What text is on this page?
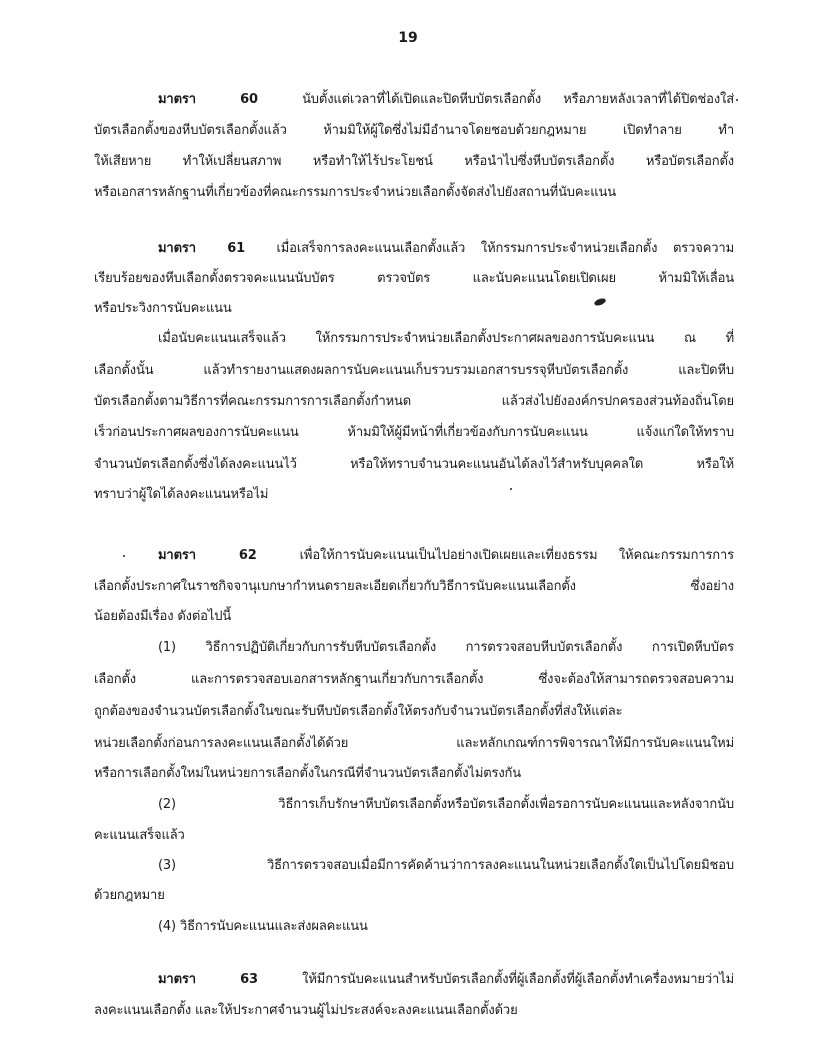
19
มาตรา	60	นับตั้งแต่เวลาที่ได้เปิดและปิดหีบบัตรเลือกตั้ง หรือภายหลังเวลาที่ได้ปิดช่องใส่
บัตรเลือกตั้งของหีบบัตรเลือกตั้งแล้ว ห้ามมิให้ผู้ใดซึ่งไม่มีอำนาจโดยชอบด้วยกฎหมาย เปิดทำลาย ทำ
ให้เสียหาย ทำให้เปลี่ยนสภาพ หรือทำให้ไร้ประโยชน์ หรือนำไปซึ่งหีบบัตรเลือกตั้ง หรือบัตรเลือกตั้ง
หรือเอกสารหลักฐานที่เกี่ยวข้องที่คณะกรรมการประจำหน่วยเลือกตั้งจัดส่งไปยังสถานที่นับคะแนน
มาตรา 61 เมื่อเสร็จการลงคะแนนเลือกตั้งแล้ว ให้กรรมการประจำหน่วยเลือกตั้ง ตรวจความ
เรียบร้อยของหีบเลือกตั้งตรวจคะแนนนับบัตร ตรวจบัตร และนับคะแนนโดยเปิดเผย ห้ามมิให้เลื่อน
หรือประวิงการนับคะแนน
เมื่อนับคะแนนเสร็จแล้ว ให้กรรมการประจำหน่วยเลือกตั้งประกาศผลของการนับคะแนน ณ ที่
เลือกตั้งนั้น แล้วทำรายงานแสดงผลการนับคะแนนเก็บรวบรวมเอกสารบรรจุหีบบัตรเลือกตั้ง และปิดหีบ
บัตรเลือกตั้งตามวิธีการที่คณะกรรมการการเลือกตั้งกำหนด แล้วส่งไปยังองค์กรปกครองส่วนท้องถิ่นโดย
เร็วก่อนประกาศผลของการนับคะแนน ห้ามมิให้ผู้มีหน้าที่เกี่ยวข้องกับการนับคะแนน แจ้งแก่ใดให้ทราบ
จำนวนบัตรเลือกตั้งซึ่งได้ลงคะแนนไว้ หรือให้ทราบจำนวนคะแนนอันได้ลงไว้สำหรับบุคคลใด หรือให้
ทราบว่าผู้ใดได้ลงคะแนนหรือไม่
มาตรา	62	เพื่อให้การนับคะแนนเป็นไปอย่างเปิดเผยและเที่ยงธรรม ให้คณะกรรมการการ
เลือกตั้งประกาศในราชกิจจานุเบกษากำหนดรายละเอียดเกี่ยวกับวิธีการนับคะแนนเลือกตั้ง ซึ่งอย่าง
น้อยต้องมีเรื่อง ดังต่อไปนี้
(1) วิธีการปฏิบัติเกี่ยวกับการรับหีบบัตรเลือกตั้ง การตรวจสอบหีบบัตรเลือกตั้ง การเปิดหีบบัตร
เลือกตั้ง และการตรวจสอบเอกสารหลักฐานเกี่ยวกับการเลือกตั้ง ซึ่งจะต้องให้สามารถตรวจสอบความ
ถูกต้องของจำนวนบัตรเลือกตั้งในขณะรับหีบบัตรเลือกตั้งให้ตรงกับจำนวนบัตรเลือกตั้งที่ส่งให้แต่ละ
หน่วยเลือกตั้งก่อนการลงคะแนนเลือกตั้งได้ด้วย และหลักเกณฑ์การพิจารณาให้มีการนับคะแนนใหม่
หรือการเลือกตั้งใหม่ในหน่วยการเลือกตั้งในกรณีที่จำนวนบัตรเลือกตั้งไม่ตรงกัน
(2) วิธีการเก็บรักษาหีบบัตรเลือกตั้งหรือบัตรเลือกตั้งเพื่อรอการนับคะแนนและหลังจากนับ
คะแนนเสร็จแล้ว
(3) วิธีการตรวจสอบเมื่อมีการคัดค้านว่าการลงคะแนนในหน่วยเลือกตั้งใดเป็นไปโดยมิชอบ
ด้วยกฎหมาย
(4) วิธีการนับคะแนนและส่งผลคะแนน
มาตรา	63	ให้มีการนับคะแนนสำหรับบัตรเลือกตั้งที่ผู้เลือกตั้งที่ผู้เลือกตั้งทำเครื่องหมายว่าไม่
ลงคะแนนเลือกตั้ง และให้ประกาศจำนวนผู้ไม่ประสงค์จะลงคะแนนเลือกตั้งด้วย
